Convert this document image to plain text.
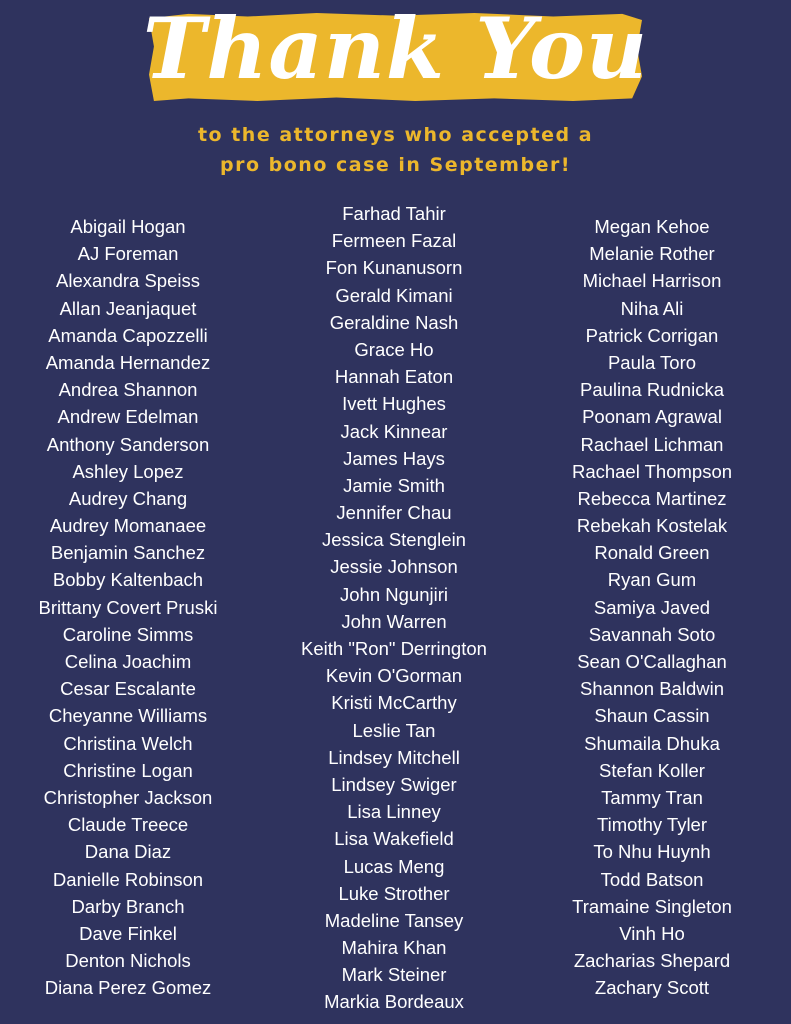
Thank You

to the attorneys who accepted a

pro bono case in September!

Abigail Hogan
AJ Foreman
Alexandra Speiss
Allan Jeanjaquet
Amanda Capozzelli
Amanda Hernandez
Andrea Shannon
Andrew Edelman
Anthony Sanderson
Ashley Lopez
Audrey Chang
Audrey Momanaee
Benjamin Sanchez
Bobby Kaltenbach
Brittany Covert Pruski
Caroline Simms
Celina Joachim
Cesar Escalante
Cheyanne Williams
Christina Welch
Christine Logan
Christopher Jackson
Claude Treece
Dana Diaz
Danielle Robinson
Darby Branch
Dave Finkel
Denton Nichols
Diana Perez Gomez
Farhad Tahir
Fermeen Fazal
Fon Kunanusorn
Gerald Kimani
Geraldine Nash
Grace Ho
Hannah Eaton
Ivett Hughes
Jack Kinnear
James Hays
Jamie Smith
Jennifer Chau
Jessica Stenglein
Jessie Johnson
John Ngunjiri
John Warren
Keith "Ron" Derrington
Kevin O'Gorman
Kristi McCarthy
Leslie Tan
Lindsey Mitchell
Lindsey Swiger
Lisa Linney
Lisa Wakefield
Lucas Meng
Luke Strother
Madeline Tansey
Mahira Khan
Mark Steiner
Markia Bordeaux
Megan Kehoe
Melanie Rother
Michael Harrison
Niha Ali
Patrick Corrigan
Paula Toro
Paulina Rudnicka
Poonam Agrawal
Rachael Lichman
Rachael Thompson
Rebecca Martinez
Rebekah Kostelak
Ronald Green
Ryan Gum
Samiya Javed
Savannah Soto
Sean O'Callaghan
Shannon Baldwin
Shaun Cassin
Shumaila Dhuka
Stefan Koller
Tammy Tran
Timothy Tyler
To Nhu Huynh
Todd Batson
Tramaine Singleton
Vinh Ho
Zacharias Shepard
Zachary Scott
